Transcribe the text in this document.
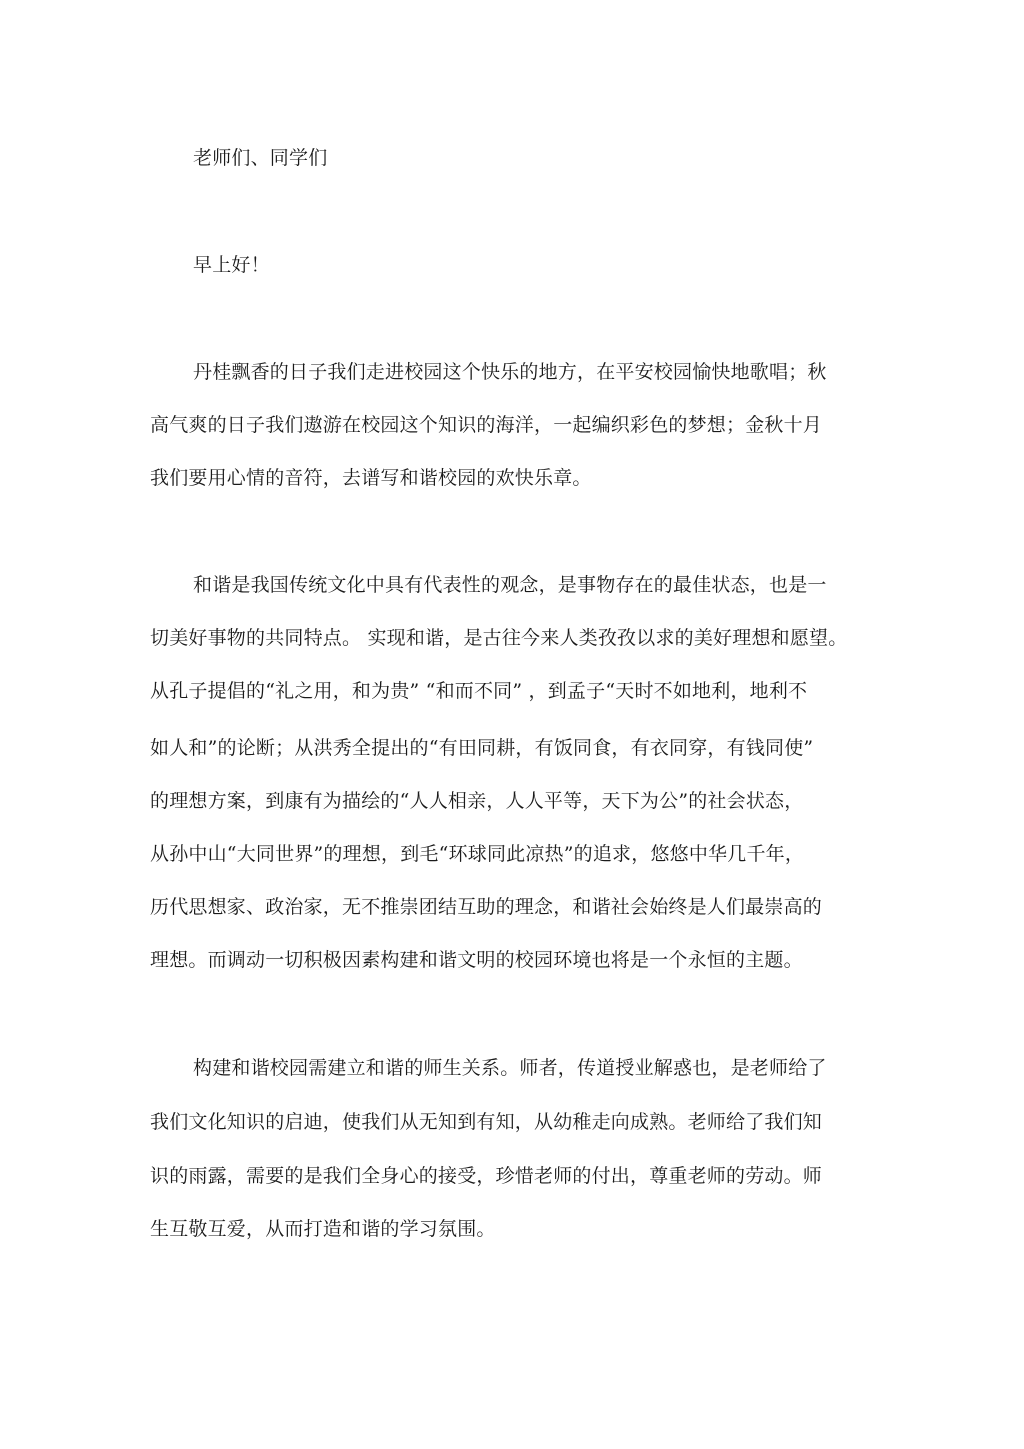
老师们、同学们
早上好！
丹桂飘香的日子我们走进校园这个快乐的地方，在平安校园愉快地歌唱；秋
高气爽的日子我们遨游在校园这个知识的海洋，一起编织彩色的梦想；金秋十月
我们要用心情的音符，去谱写和谐校园的欢快乐章。
和谐是我国传统文化中具有代表性的观念，是事物存在的最佳状态，也是一
切美好事物的共同特点。 实现和谐，是古往今来人类孜孜以求的美好理想和愿望。
从孔子提倡的“礼之用，和为贵” “和而不同” ，到孟子“天时不如地利，地利不
如人和”的论断；从洪秀全提出的“有田同耕，有饭同食，有衣同穿，有钱同使”
的理想方案，到康有为描绘的“人人相亲，人人平等，天下为公”的社会状态，
从孙中山“大同世界”的理想，到毛“环球同此凉热”的追求，悠悠中华几千年，
历代思想家、政治家，无不推崇团结互助的理念，和谐社会始终是人们最崇高的
理想。而调动一切积极因素构建和谐文明的校园环境也将是一个永恒的主题。
构建和谐校园需建立和谐的师生关系。师者，传道授业解惑也，是老师给了
我们文化知识的启迪，使我们从无知到有知，从幼稚走向成熟。老师给了我们知
识的雨露，需要的是我们全身心的接受，珍惜老师的付出，尊重老师的劳动。师
生互敬互爱，从而打造和谐的学习氛围。
